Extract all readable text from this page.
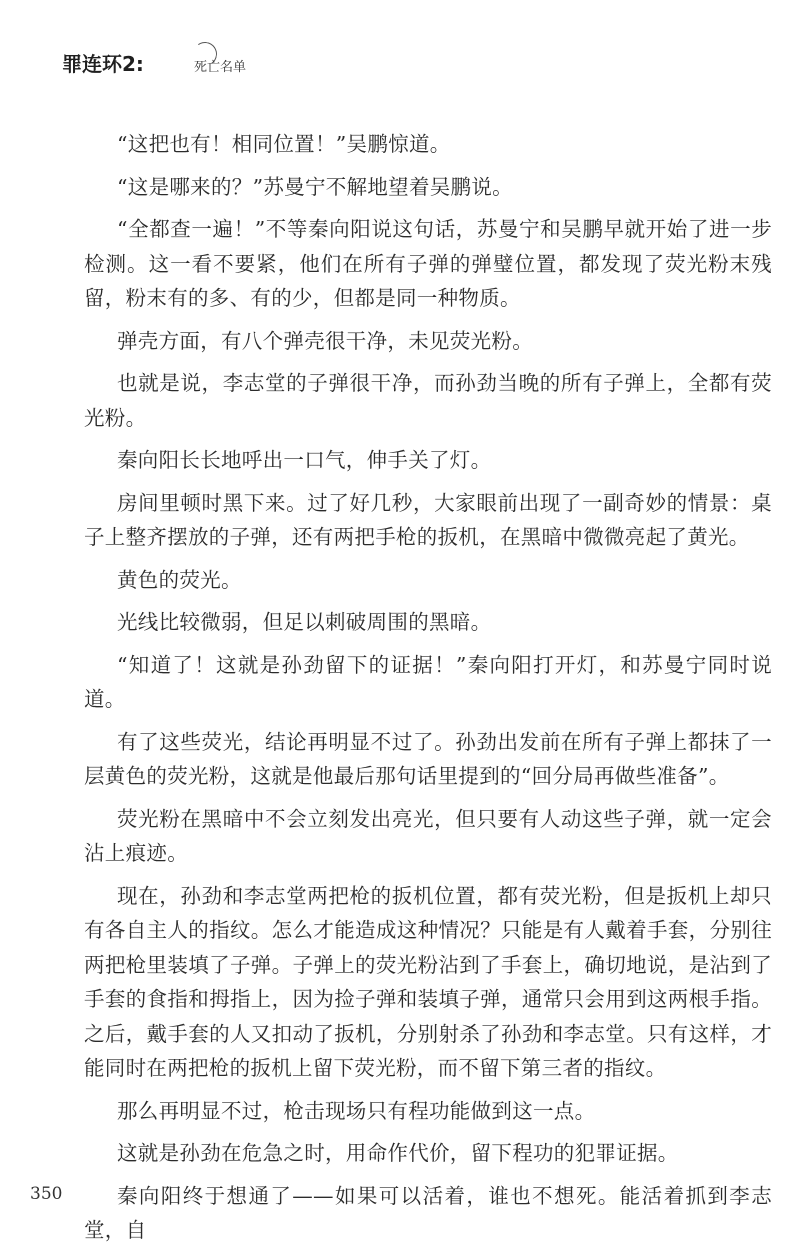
罪连环2:	死亡名单

“这把也有！相同位置！”吴鹏惊道。

“这是哪来的？”苏曼宁不解地望着吴鹏说。

“全都查一遍！”不等秦向阳说这句话，苏曼宁和吴鹏早就开始了进一步检测。这一看不要紧，他们在所有子弹的弹璧位置，都发现了荧光粉末残留，粉末有的多、有的少，但都是同一种物质。

弹壳方面，有八个弹壳很干净，未见荧光粉。

也就是说，李志堂的子弹很干净，而孙劲当晚的所有子弹上，全都有荧光粉。

秦向阳长长地呼出一口气，伸手关了灯。

房间里顿时黑下来。过了好几秒，大家眼前出现了一副奇妙的情景：桌子上整齐摆放的子弹，还有两把手枪的扳机，在黑暗中微微亮起了黄光。

黄色的荧光。

光线比较微弱，但足以刺破周围的黑暗。

“知道了！这就是孙劲留下的证据！”秦向阳打开灯，和苏曼宁同时说道。

有了这些荧光，结论再明显不过了。孙劲出发前在所有子弹上都抹了一层黄色的荧光粉，这就是他最后那句话里提到的“回分局再做些准备”。

荧光粉在黑暗中不会立刻发出亮光，但只要有人动这些子弹，就一定会沾上痕迹。

现在，孙劲和李志堂两把枪的扳机位置，都有荧光粉，但是扳机上却只有各自主人的指纹。怎么才能造成这种情况？只能是有人戴着手套，分别往两把枪里装填了子弹。子弹上的荧光粉沾到了手套上，确切地说，是沾到了手套的食指和拇指上，因为捡子弹和装填子弹，通常只会用到这两根手指。之后，戴手套的人又扣动了扳机，分别射杀了孙劲和李志堂。只有这样，才能同时在两把枪的扳机上留下荧光粉，而不留下第三者的指纹。

那么再明显不过，枪击现场只有程功能做到这一点。

这就是孙劲在危急之时，用命作代价，留下程功的犯罪证据。

秦向阳终于想通了——如果可以活着，谁也不想死。能活着抓到李志堂，自

350
